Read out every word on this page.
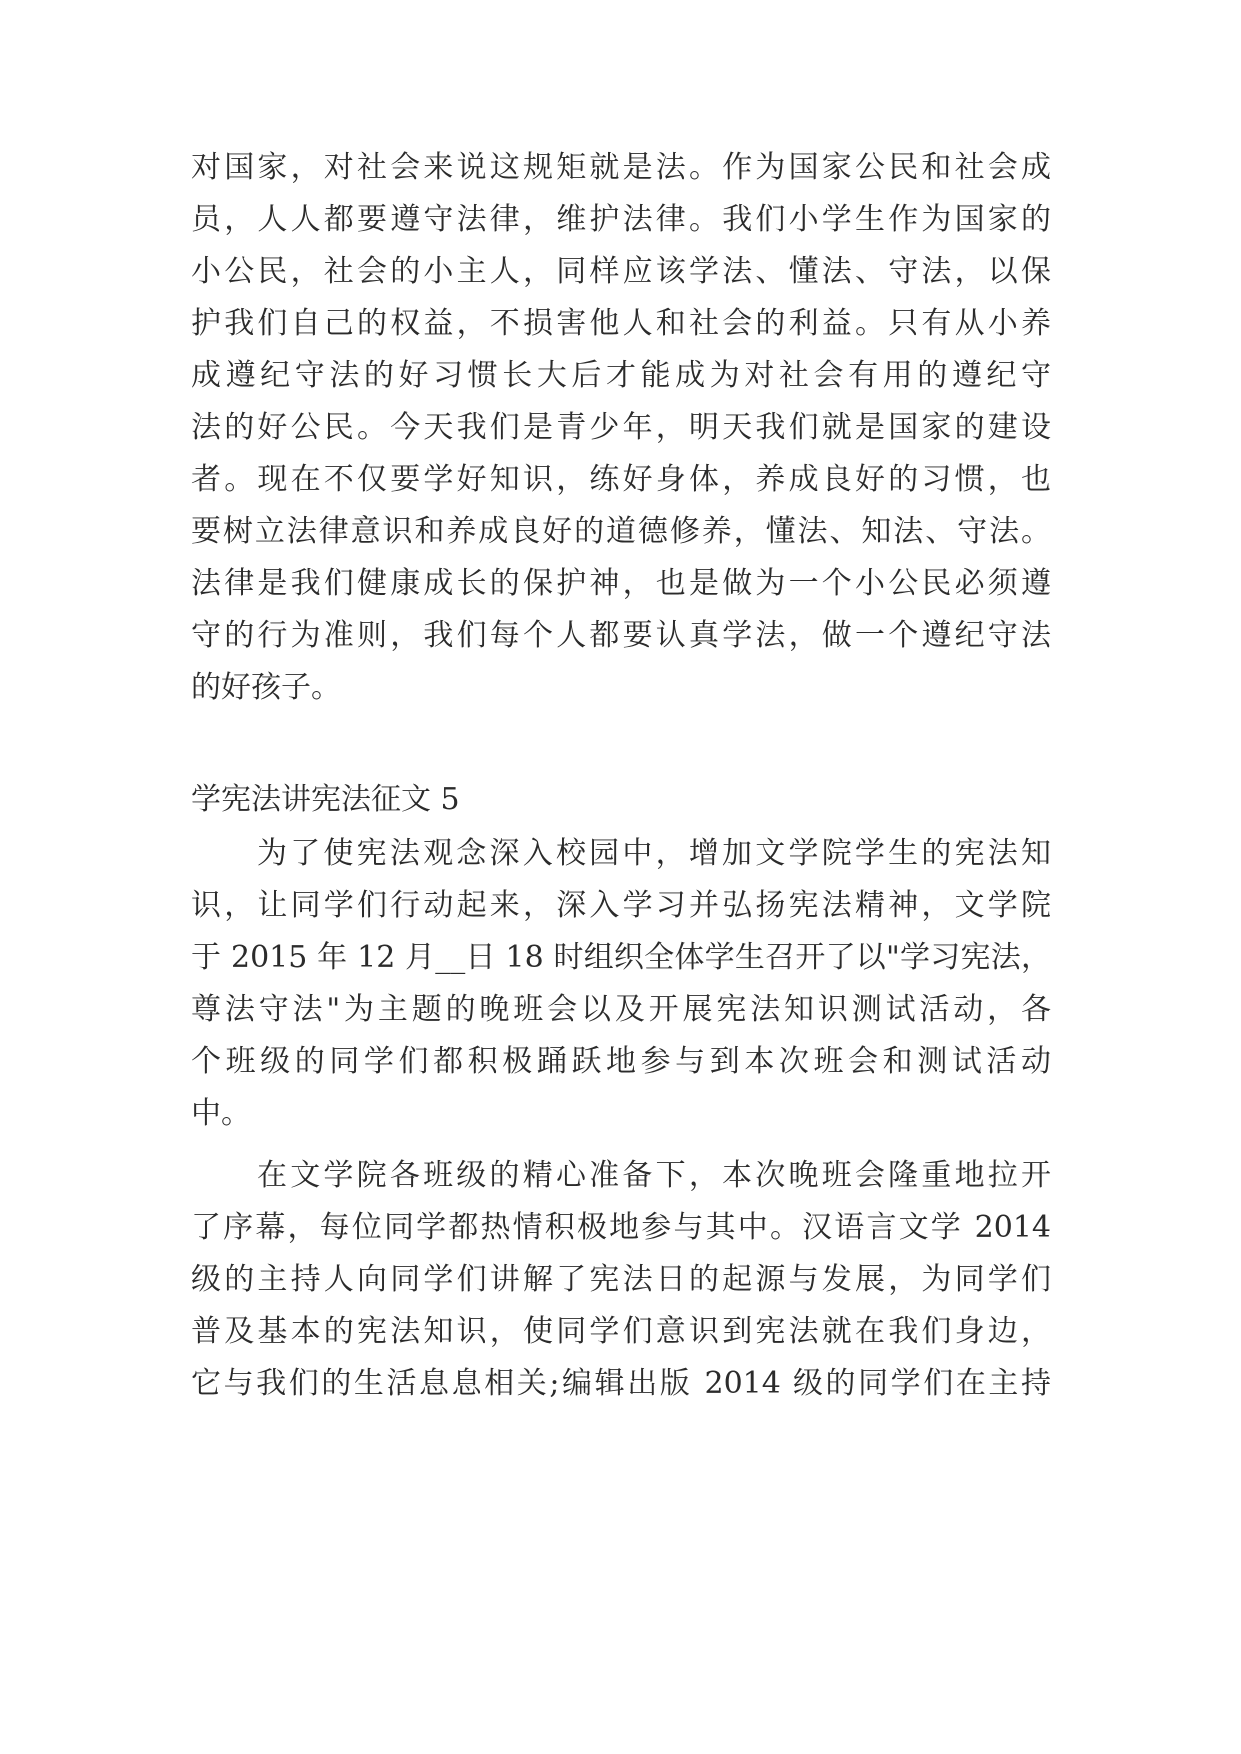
对国家，对社会来说这规矩就是法。作为国家公民和社会成
员，人人都要遵守法律，维护法律。我们小学生作为国家的
小公民，社会的小主人，同样应该学法、懂法、守法，以保
护我们自己的权益，不损害他人和社会的利益。只有从小养
成遵纪守法的好习惯长大后才能成为对社会有用的遵纪守
法的好公民。今天我们是青少年，明天我们就是国家的建设
者。现在不仅要学好知识，练好身体，养成良好的习惯，也
要树立法律意识和养成良好的道德修养，懂法、知法、守法。
法律是我们健康成长的保护神，也是做为一个小公民必须遵
守的行为准则，我们每个人都要认真学法，做一个遵纪守法
的好孩子。
学宪法讲宪法征文 5
为了使宪法观念深入校园中，增加文学院学生的宪法知
识，让同学们行动起来，深入学习并弘扬宪法精神，文学院
于 2015 年 12 月__日 18 时组织全体学生召开了以"学习宪法，
尊法守法"为主题的晚班会以及开展宪法知识测试活动，各
个班级的同学们都积极踊跃地参与到本次班会和测试活动
中。
在文学院各班级的精心准备下，本次晚班会隆重地拉开
了序幕，每位同学都热情积极地参与其中。汉语言文学 2014
级的主持人向同学们讲解了宪法日的起源与发展，为同学们
普及基本的宪法知识，使同学们意识到宪法就在我们身边，
它与我们的生活息息相关;编辑出版 2014 级的同学们在主持
